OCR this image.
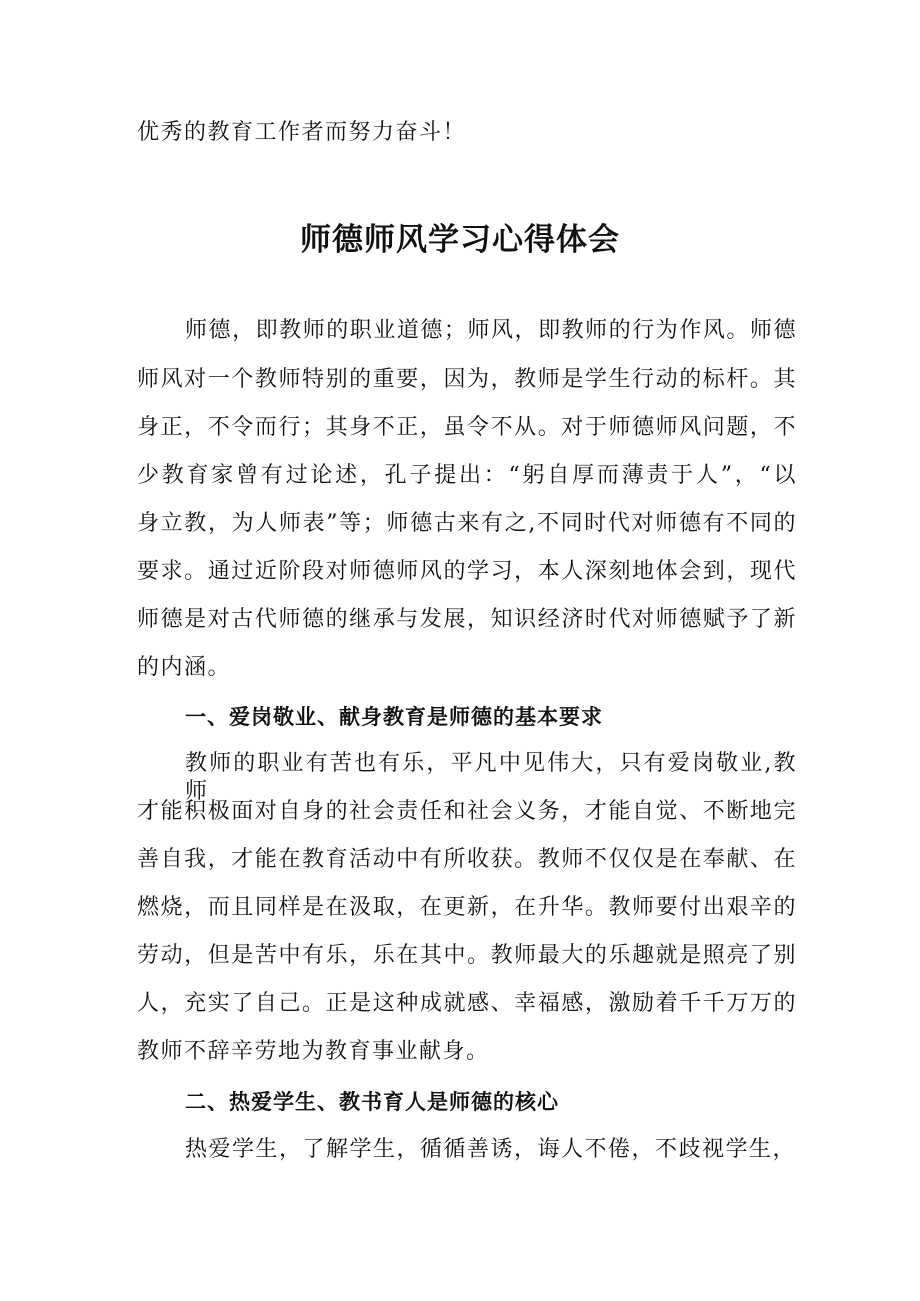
优秀的教育工作者而努力奋斗！
师德师风学习心得体会
师德，即教师的职业道德；师风，即教师的行为作风。师德
师风对一个教师特别的重要，因为，教师是学生行动的标杆。其
身正，不令而行；其身不正，虽令不从。对于师德师风问题，不
少教育家曾有过论述，孔子提出：“躬自厚而薄责于人”，“以
身立教，为人师表”等；师德古来有之,不同时代对师德有不同的
要求。通过近阶段对师德师风的学习，本人深刻地体会到，现代
师德是对古代师德的继承与发展，知识经济时代对师德赋予了新
的内涵。
一、爱岗敬业、献身教育是师德的基本要求
教师的职业有苦也有乐，平凡中见伟大，只有爱岗敬业,教师
才能积极面对自身的社会责任和社会义务，才能自觉、不断地完
善自我，才能在教育活动中有所收获。教师不仅仅是在奉献、在
燃烧，而且同样是在汲取，在更新，在升华。教师要付出艰辛的
劳动，但是苦中有乐，乐在其中。教师最大的乐趣就是照亮了别
人，充实了自己。正是这种成就感、幸福感，激励着千千万万的
教师不辞辛劳地为教育事业献身。
二、热爱学生、教书育人是师德的核心
热爱学生，了解学生，循循善诱，诲人不倦，不歧视学生，
